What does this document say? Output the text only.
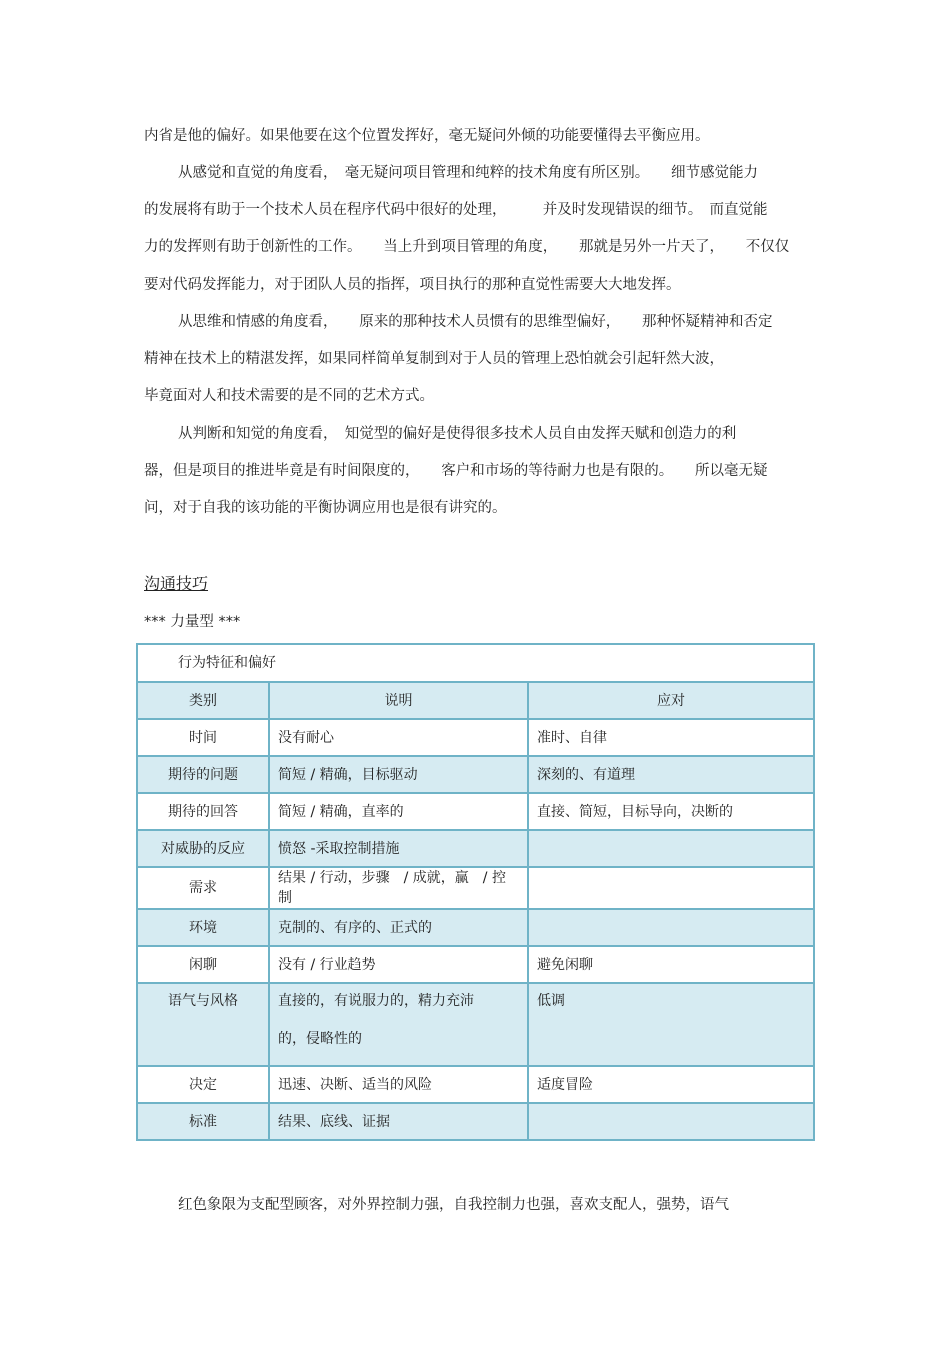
内省是他的偏好。如果他要在这个位置发挥好，毫无疑问外倾的功能要懂得去平衡应用。
从感觉和直觉的角度看，　毫无疑问项目管理和纯粹的技术角度有所区别。　　细节感觉能力
的发展将有助于一个技术人员在程序代码中很好的处理，　　　并及时发现错误的细节。　而直觉能
力的发挥则有助于创新性的工作。　　当上升到项目管理的角度，　　那就是另外一片天了，　　不仅仅
要对代码发挥能力，对于团队人员的指挥，项目执行的那种直觉性需要大大地发挥。
从思维和情感的角度看，　　原来的那种技术人员惯有的思维型偏好，　　那种怀疑精神和否定
精神在技术上的精湛发挥，如果同样简单复制到对于人员的管理上恐怕就会引起轩然大波，
毕竟面对人和技术需要的是不同的艺术方式。
从判断和知觉的角度看，　知觉型的偏好是使得很多技术人员自由发挥天赋和创造力的利
器，但是项目的推进毕竟是有时间限度的，　　客户和市场的等待耐力也是有限的。　　所以毫无疑
问，对于自我的该功能的平衡协调应用也是很有讲究的。
沟通技巧
*** 力量型 ***
行为特征和偏好		
类别	说明	应对
时间	没有耐心	准时、自律
期待的问题	简短 / 精确，目标驱动	深刻的、有道理
期待的回答	简短 / 精确，直率的	直接、简短，目标导向，决断的
对威胁的反应	愤怒 -采取控制措施	
需求	结果 / 行动，步骤　/ 成就，赢　/ 控制	
环境	克制的、有序的、正式的	
闲聊	没有 / 行业趋势	避免闲聊

语气与风格	直接的，有说服力的，精力充沛
的，侵略性的	低调

决定	迅速、决断、适当的风险	适度冒险
标准	结果、底线、证据	
红色象限为支配型顾客，对外界控制力强，自我控制力也强，喜欢支配人，强势，语气
